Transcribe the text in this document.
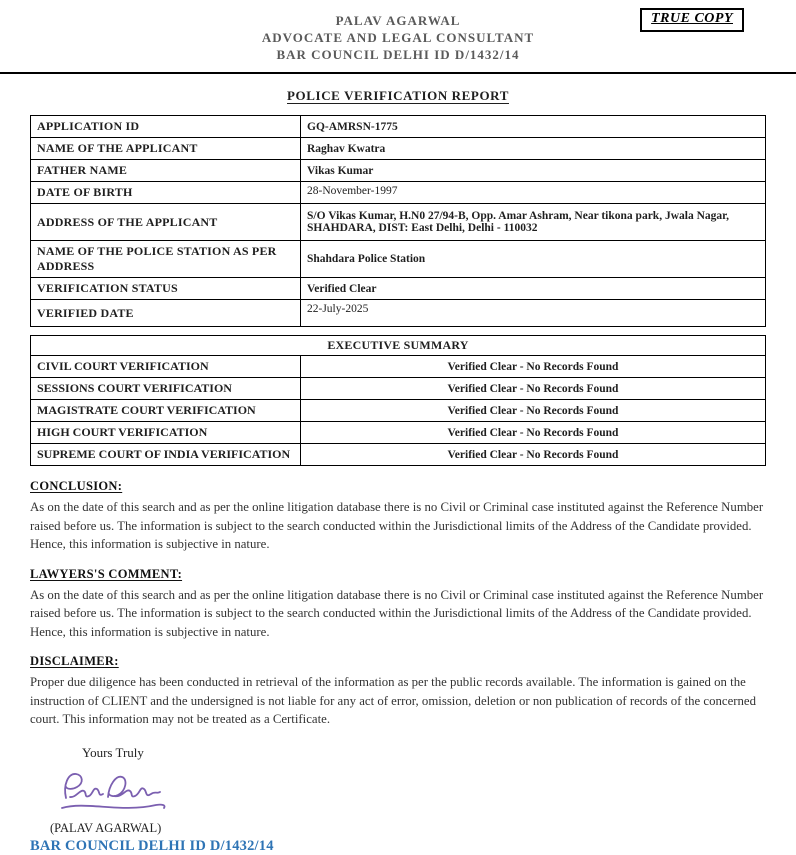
PALAV AGARWAL
ADVOCATE AND LEGAL CONSULTANT
BAR COUNCIL DELHI ID D/1432/14
TRUE COPY
POLICE VERIFICATION REPORT
APPLICATION ID	GQ-AMRSN-1775
NAME OF THE APPLICANT	Raghav Kwatra
FATHER NAME	Vikas Kumar
DATE OF BIRTH	28-November-1997
ADDRESS OF THE APPLICANT	S/O Vikas Kumar, H.N0 27/94-B, Opp. Amar Ashram, Near tikona park, Jwala Nagar, SHAHDARA, DIST: East Delhi, Delhi - 110032
NAME OF THE POLICE STATION AS PER ADDRESS	Shahdara Police Station
VERIFICATION STATUS	Verified Clear
VERIFIED DATE	22-July-2025
EXECUTIVE SUMMARY	
CIVIL COURT VERIFICATION	Verified Clear - No Records Found
SESSIONS COURT VERIFICATION	Verified Clear - No Records Found
MAGISTRATE COURT VERIFICATION	Verified Clear - No Records Found
HIGH COURT VERIFICATION	Verified Clear - No Records Found
SUPREME COURT OF INDIA VERIFICATION	Verified Clear - No Records Found
CONCLUSION:

As on the date of this search and as per the online litigation database there is no Civil or Criminal case instituted against the Reference Number raised before us. The information is subject to the search conducted within the Jurisdictional limits of the Address of the Candidate provided. Hence, this information is subjective in nature.

LAWYERS'S COMMENT:

As on the date of this search and as per the online litigation database there is no Civil or Criminal case instituted against the Reference Number raised before us. The information is subject to the search conducted within the Jurisdictional limits of the Address of the Candidate provided. Hence, this information is subjective in nature.

DISCLAIMER:

Proper due diligence has been conducted in retrieval of the information as per the public records available. The information is gained on the instruction of CLIENT and the undersigned is not liable for any act of error, omission, deletion or non publication of records of the concerned court. This information may not be treated as a Certificate.

Yours Truly
(PALAV AGARWAL)
BAR COUNCIL DELHI ID D/1432/14
